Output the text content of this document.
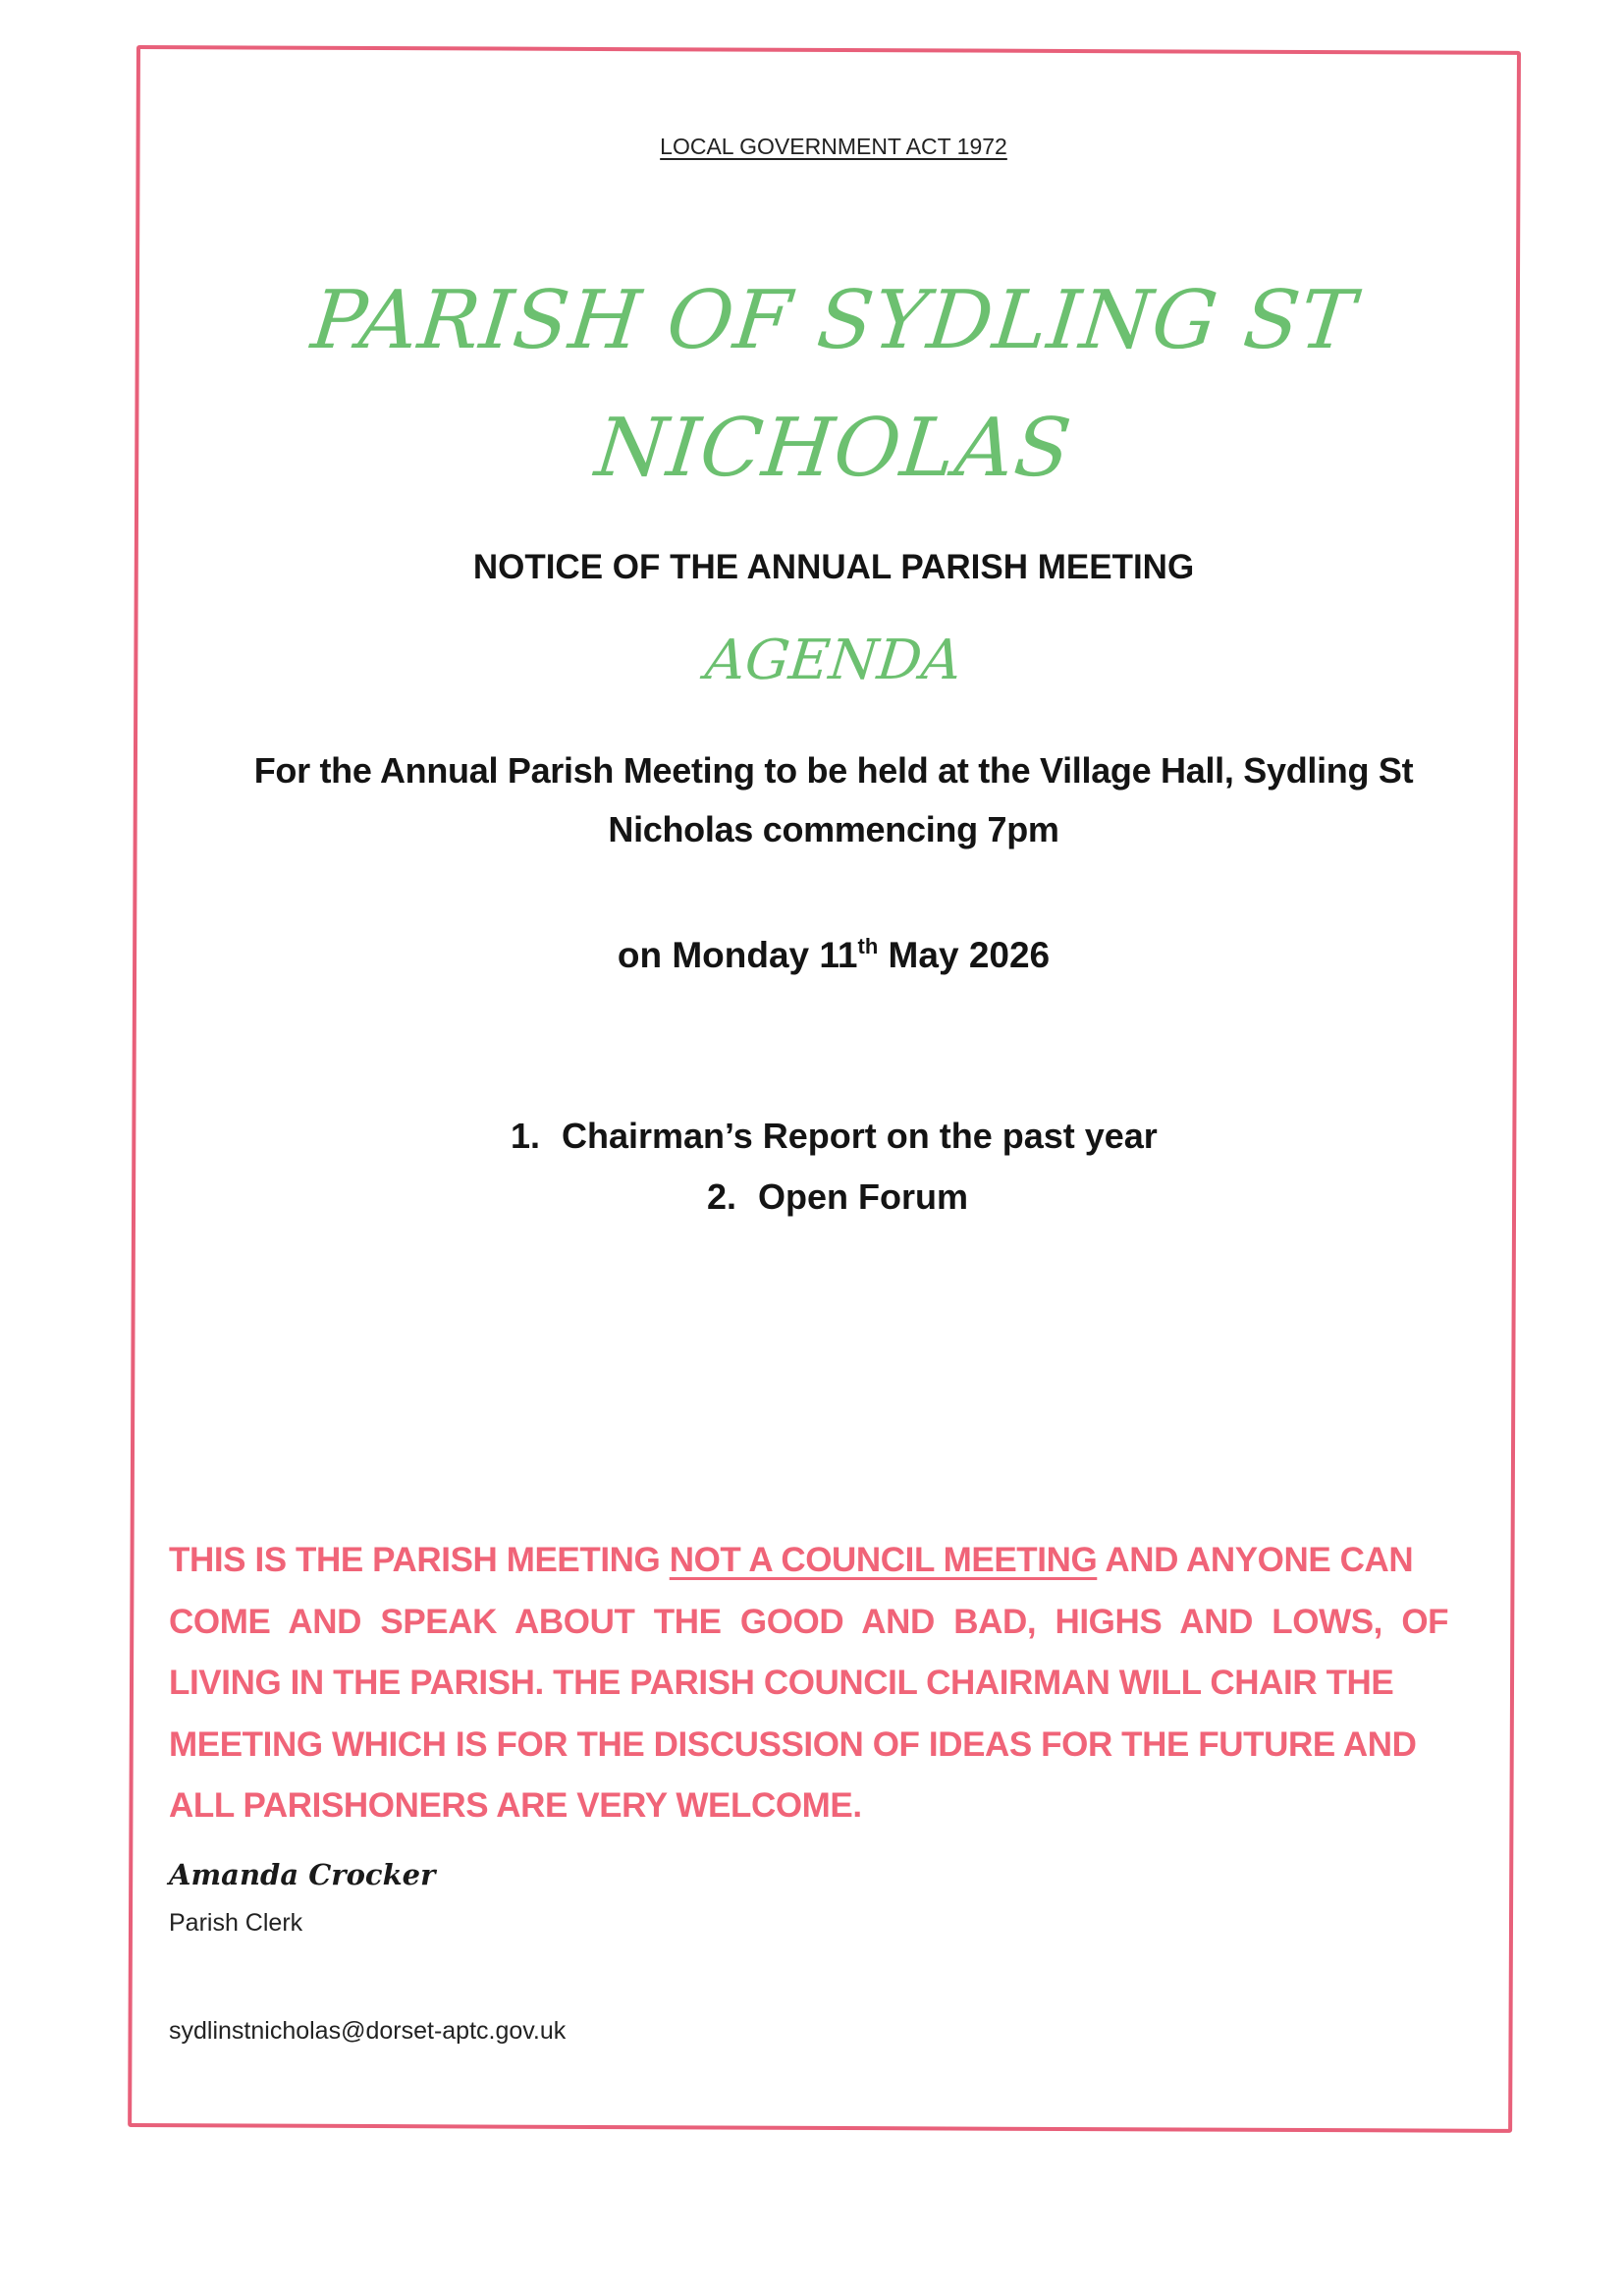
LOCAL GOVERNMENT ACT 1972
PARISH OF SYDLING ST
NICHOLAS
NOTICE OF THE ANNUAL PARISH MEETING
AGENDA
For the Annual Parish Meeting to be held at the Village Hall, Sydling St
Nicholas commencing 7pm
on Monday 11th May 2026
1. Chairman’s Report on the past year
2. Open Forum
THIS IS THE PARISH MEETING NOT A COUNCIL MEETING AND ANYONE CAN
COME AND SPEAK ABOUT THE GOOD AND BAD, HIGHS AND LOWS, OF
LIVING IN THE PARISH. THE PARISH COUNCIL CHAIRMAN WILL CHAIR THE
MEETING WHICH IS FOR THE DISCUSSION OF IDEAS FOR THE FUTURE AND
ALL PARISHONERS ARE VERY WELCOME.
Amanda Crocker
Parish Clerk
sydlinstnicholas@dorset-aptc.gov.uk
